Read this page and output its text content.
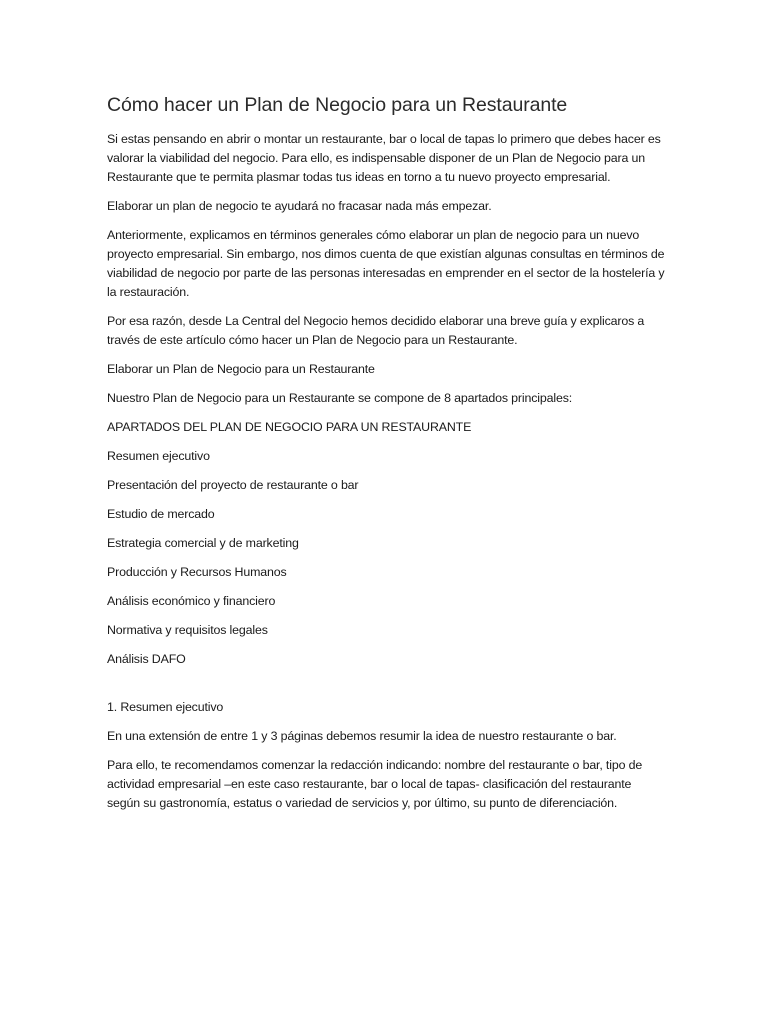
Cómo hacer un Plan de Negocio para un Restaurante

Si estas pensando en abrir o montar un restaurante, bar o local de tapas lo primero que debes hacer es valorar la viabilidad del negocio. Para ello, es indispensable disponer de un Plan de Negocio para un Restaurante que te permita plasmar todas tus ideas en torno a tu nuevo proyecto empresarial.

Elaborar un plan de negocio te ayudará no fracasar nada más empezar.

Anteriormente, explicamos en términos generales cómo elaborar un plan de negocio para un nuevo proyecto empresarial. Sin embargo, nos dimos cuenta de que existían algunas consultas en términos de viabilidad de negocio por parte de las personas interesadas en emprender en el sector de la hostelería y la restauración.

Por esa razón, desde La Central del Negocio hemos decidido elaborar una breve guía y explicaros a través de este artículo cómo hacer un Plan de Negocio para un Restaurante.

Elaborar un Plan de Negocio para un Restaurante

Nuestro Plan de Negocio para un Restaurante se compone de 8 apartados principales:

APARTADOS DEL PLAN DE NEGOCIO PARA UN RESTAURANTE

Resumen ejecutivo

Presentación del proyecto de restaurante o bar

Estudio de mercado

Estrategia comercial y de marketing

Producción y Recursos Humanos

Análisis económico y financiero

Normativa y requisitos legales

Análisis DAFO

1. Resumen ejecutivo

En una extensión de entre 1 y 3 páginas debemos resumir la idea de nuestro restaurante o bar.

Para ello, te recomendamos comenzar la redacción indicando: nombre del restaurante o bar, tipo de actividad empresarial –en este caso restaurante, bar o local de tapas- clasificación del restaurante según su gastronomía, estatus o variedad de servicios y, por último, su punto de diferenciación.
